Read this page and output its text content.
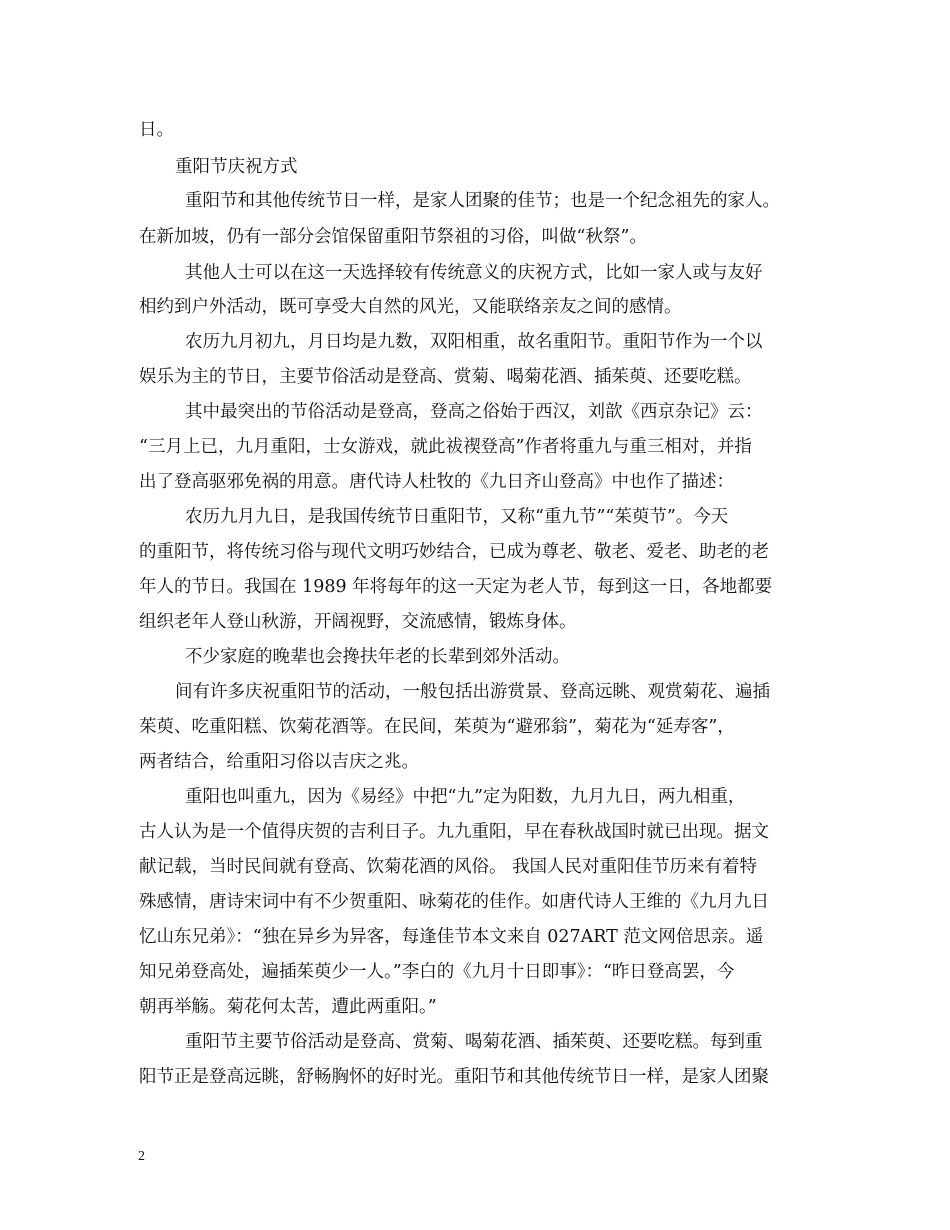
日。
重阳节庆祝方式
重阳节和其他传统节日一样，是家人团聚的佳节；也是一个纪念祖先的家人。
在新加坡，仍有一部分会馆保留重阳节祭祖的习俗，叫做“秋祭”。
其他人士可以在这一天选择较有传统意义的庆祝方式，比如一家人或与友好
相约到户外活动，既可享受大自然的风光，又能联络亲友之间的感情。
农历九月初九，月日均是九数，双阳相重，故名重阳节。重阳节作为一个以
娱乐为主的节日，主要节俗活动是登高、赏菊、喝菊花酒、插茱萸、还要吃糕。
其中最突出的节俗活动是登高，登高之俗始于西汉，刘歆《西京杂记》云：
“三月上已，九月重阳，士女游戏，就此祓禊登高”作者将重九与重三相对，并指
出了登高驱邪免祸的用意。唐代诗人杜牧的《九日齐山登高》中也作了描述：
农历九月九日，是我国传统节日重阳节，又称“重九节”“茱萸节”。今天
的重阳节，将传统习俗与现代文明巧妙结合，已成为尊老、敬老、爱老、助老的老
年人的节日。我国在 1989 年将每年的这一天定为老人节，每到这一日，各地都要
组织老年人登山秋游，开阔视野，交流感情，锻炼身体。
不少家庭的晚辈也会搀扶年老的长辈到郊外活动。
间有许多庆祝重阳节的活动，一般包括出游赏景、登高远眺、观赏菊花、遍插
茱萸、吃重阳糕、饮菊花酒等。在民间，茱萸为“避邪翁”，菊花为“延寿客”，
两者结合，给重阳习俗以吉庆之兆。
重阳也叫重九，因为《易经》中把“九”定为阳数，九月九日，两九相重，
古人认为是一个值得庆贺的吉利日子。九九重阳，早在春秋战国时就已出现。据文
献记载，当时民间就有登高、饮菊花酒的风俗。 我国人民对重阳佳节历来有着特
殊感情，唐诗宋词中有不少贺重阳、咏菊花的佳作。如唐代诗人王维的《九月九日
忆山东兄弟》：“独在异乡为异客，每逢佳节本文来自 027ART 范文网倍思亲。遥
知兄弟登高处，遍插茱萸少一人。”李白的《九月十日即事》：“昨日登高罢，今
朝再举觞。菊花何太苦，遭此两重阳。”
重阳节主要节俗活动是登高、赏菊、喝菊花酒、插茱萸、还要吃糕。每到重
阳节正是登高远眺，舒畅胸怀的好时光。重阳节和其他传统节日一样，是家人团聚
2
